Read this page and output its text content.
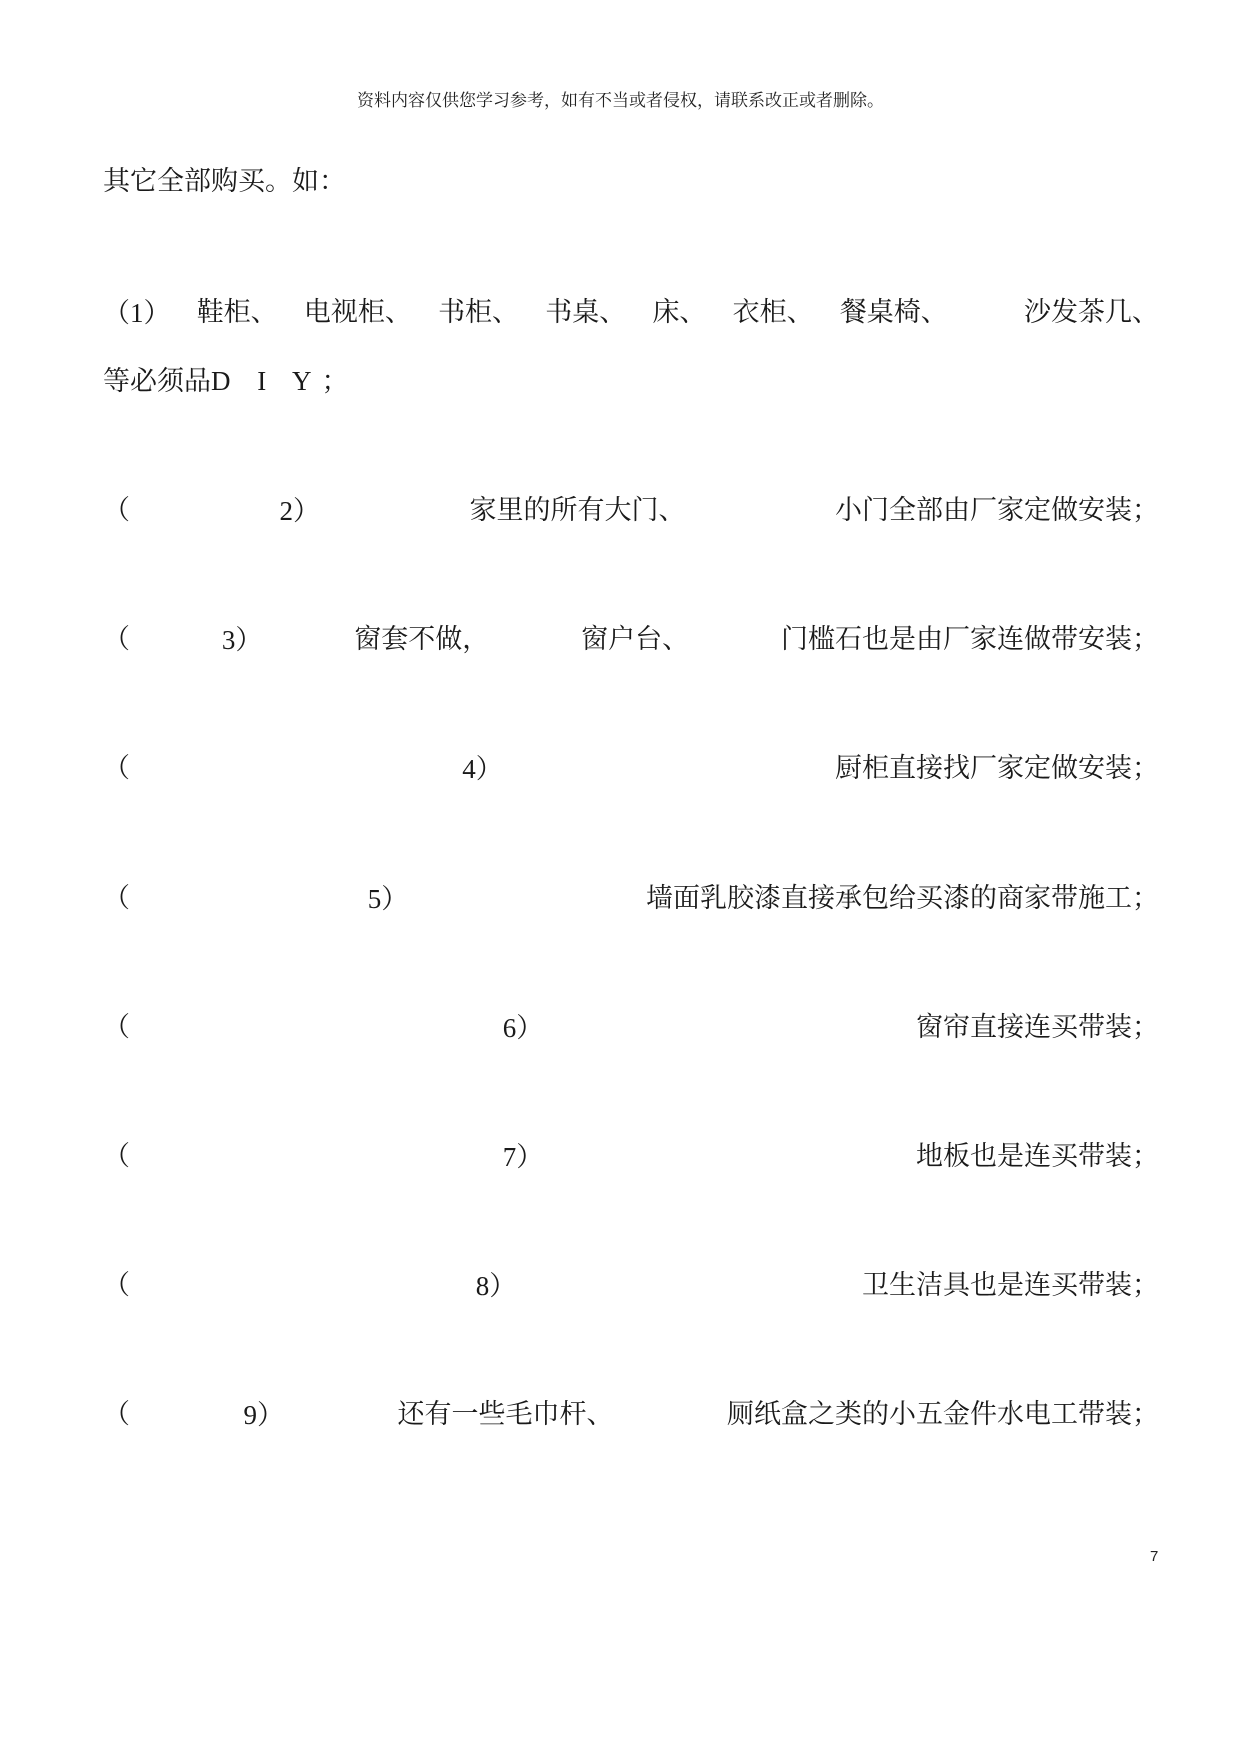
资料内容仅供您学习参考，如有不当或者侵权，请联系改正或者删除。
其它全部购买。如：
（1） 鞋柜、 电视柜、 书柜、 书桌、 床、 衣柜、 餐桌椅、	沙发茶几、
等必须品D I Y；
（	2）	家里的所有大门、	小门全部由厂家定做安装；
（	3）	窗套不做，	窗户台、	门槛石也是由厂家连做带安装；
（	4）	厨柜直接找厂家定做安装；
（	5）	墙面乳胶漆直接承包给买漆的商家带施工；
（	6）	窗帘直接连买带装；
（	7）	地板也是连买带装；
（	8）	卫生洁具也是连买带装；
（	9）	还有一些毛巾杆、	厕纸盒之类的小五金件水电工带装；
7
